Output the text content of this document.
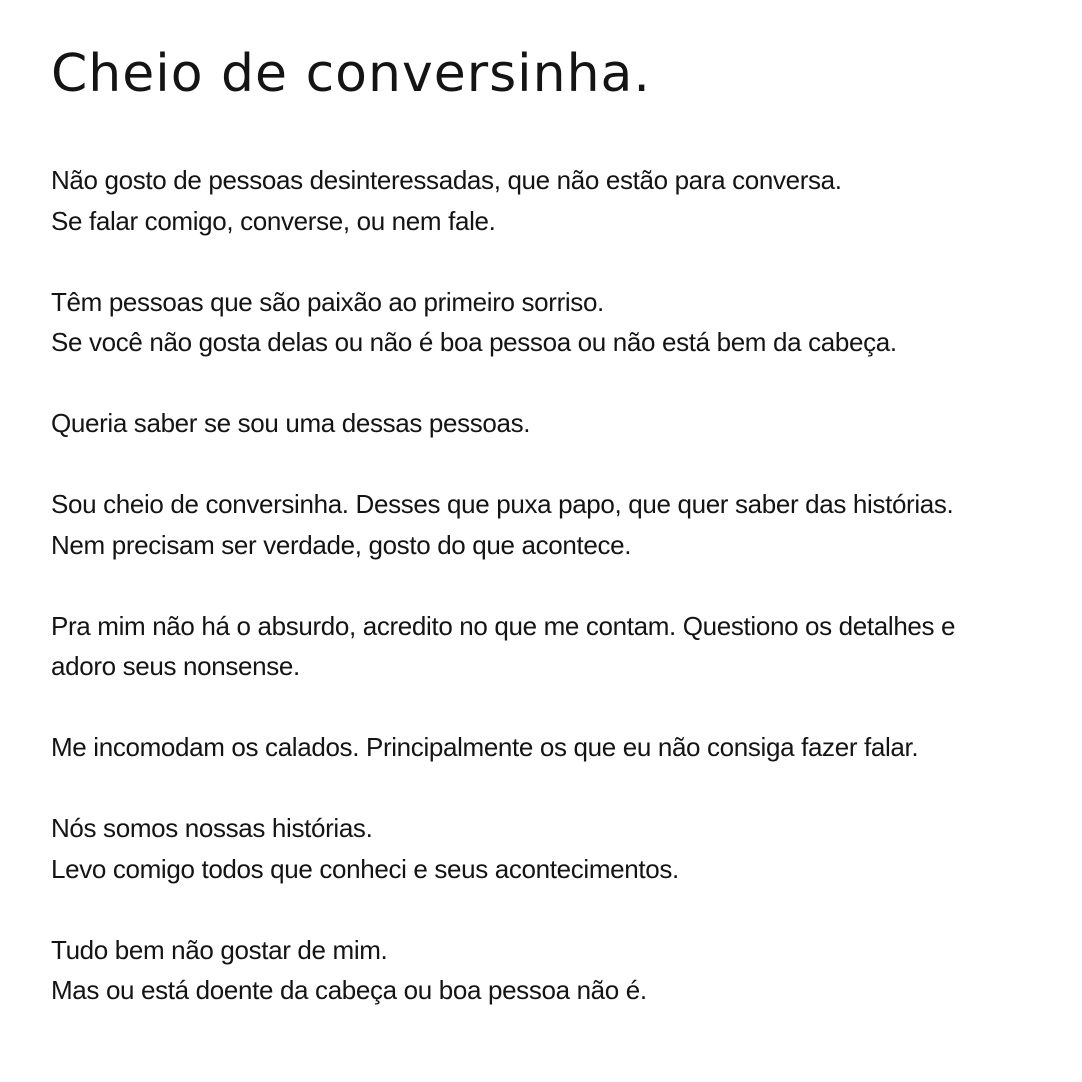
Cheio de conversinha.

Não gosto de pessoas desinteressadas, que não estão para conversa.
Se falar comigo, converse, ou nem fale.

Têm pessoas que são paixão ao primeiro sorriso.
Se você não gosta delas ou não é boa pessoa ou não está bem da cabeça.

Queria saber se sou uma dessas pessoas.

Sou cheio de conversinha. Desses que puxa papo, que quer saber das histórias.
Nem precisam ser verdade, gosto do que acontece.

Pra mim não há o absurdo, acredito no que me contam. Questiono os detalhes e
adoro seus nonsense.

Me incomodam os calados. Principalmente os que eu não consiga fazer falar.

Nós somos nossas histórias.
Levo comigo todos que conheci e seus acontecimentos.

Tudo bem não gostar de mim.
Mas ou está doente da cabeça ou boa pessoa não é.
